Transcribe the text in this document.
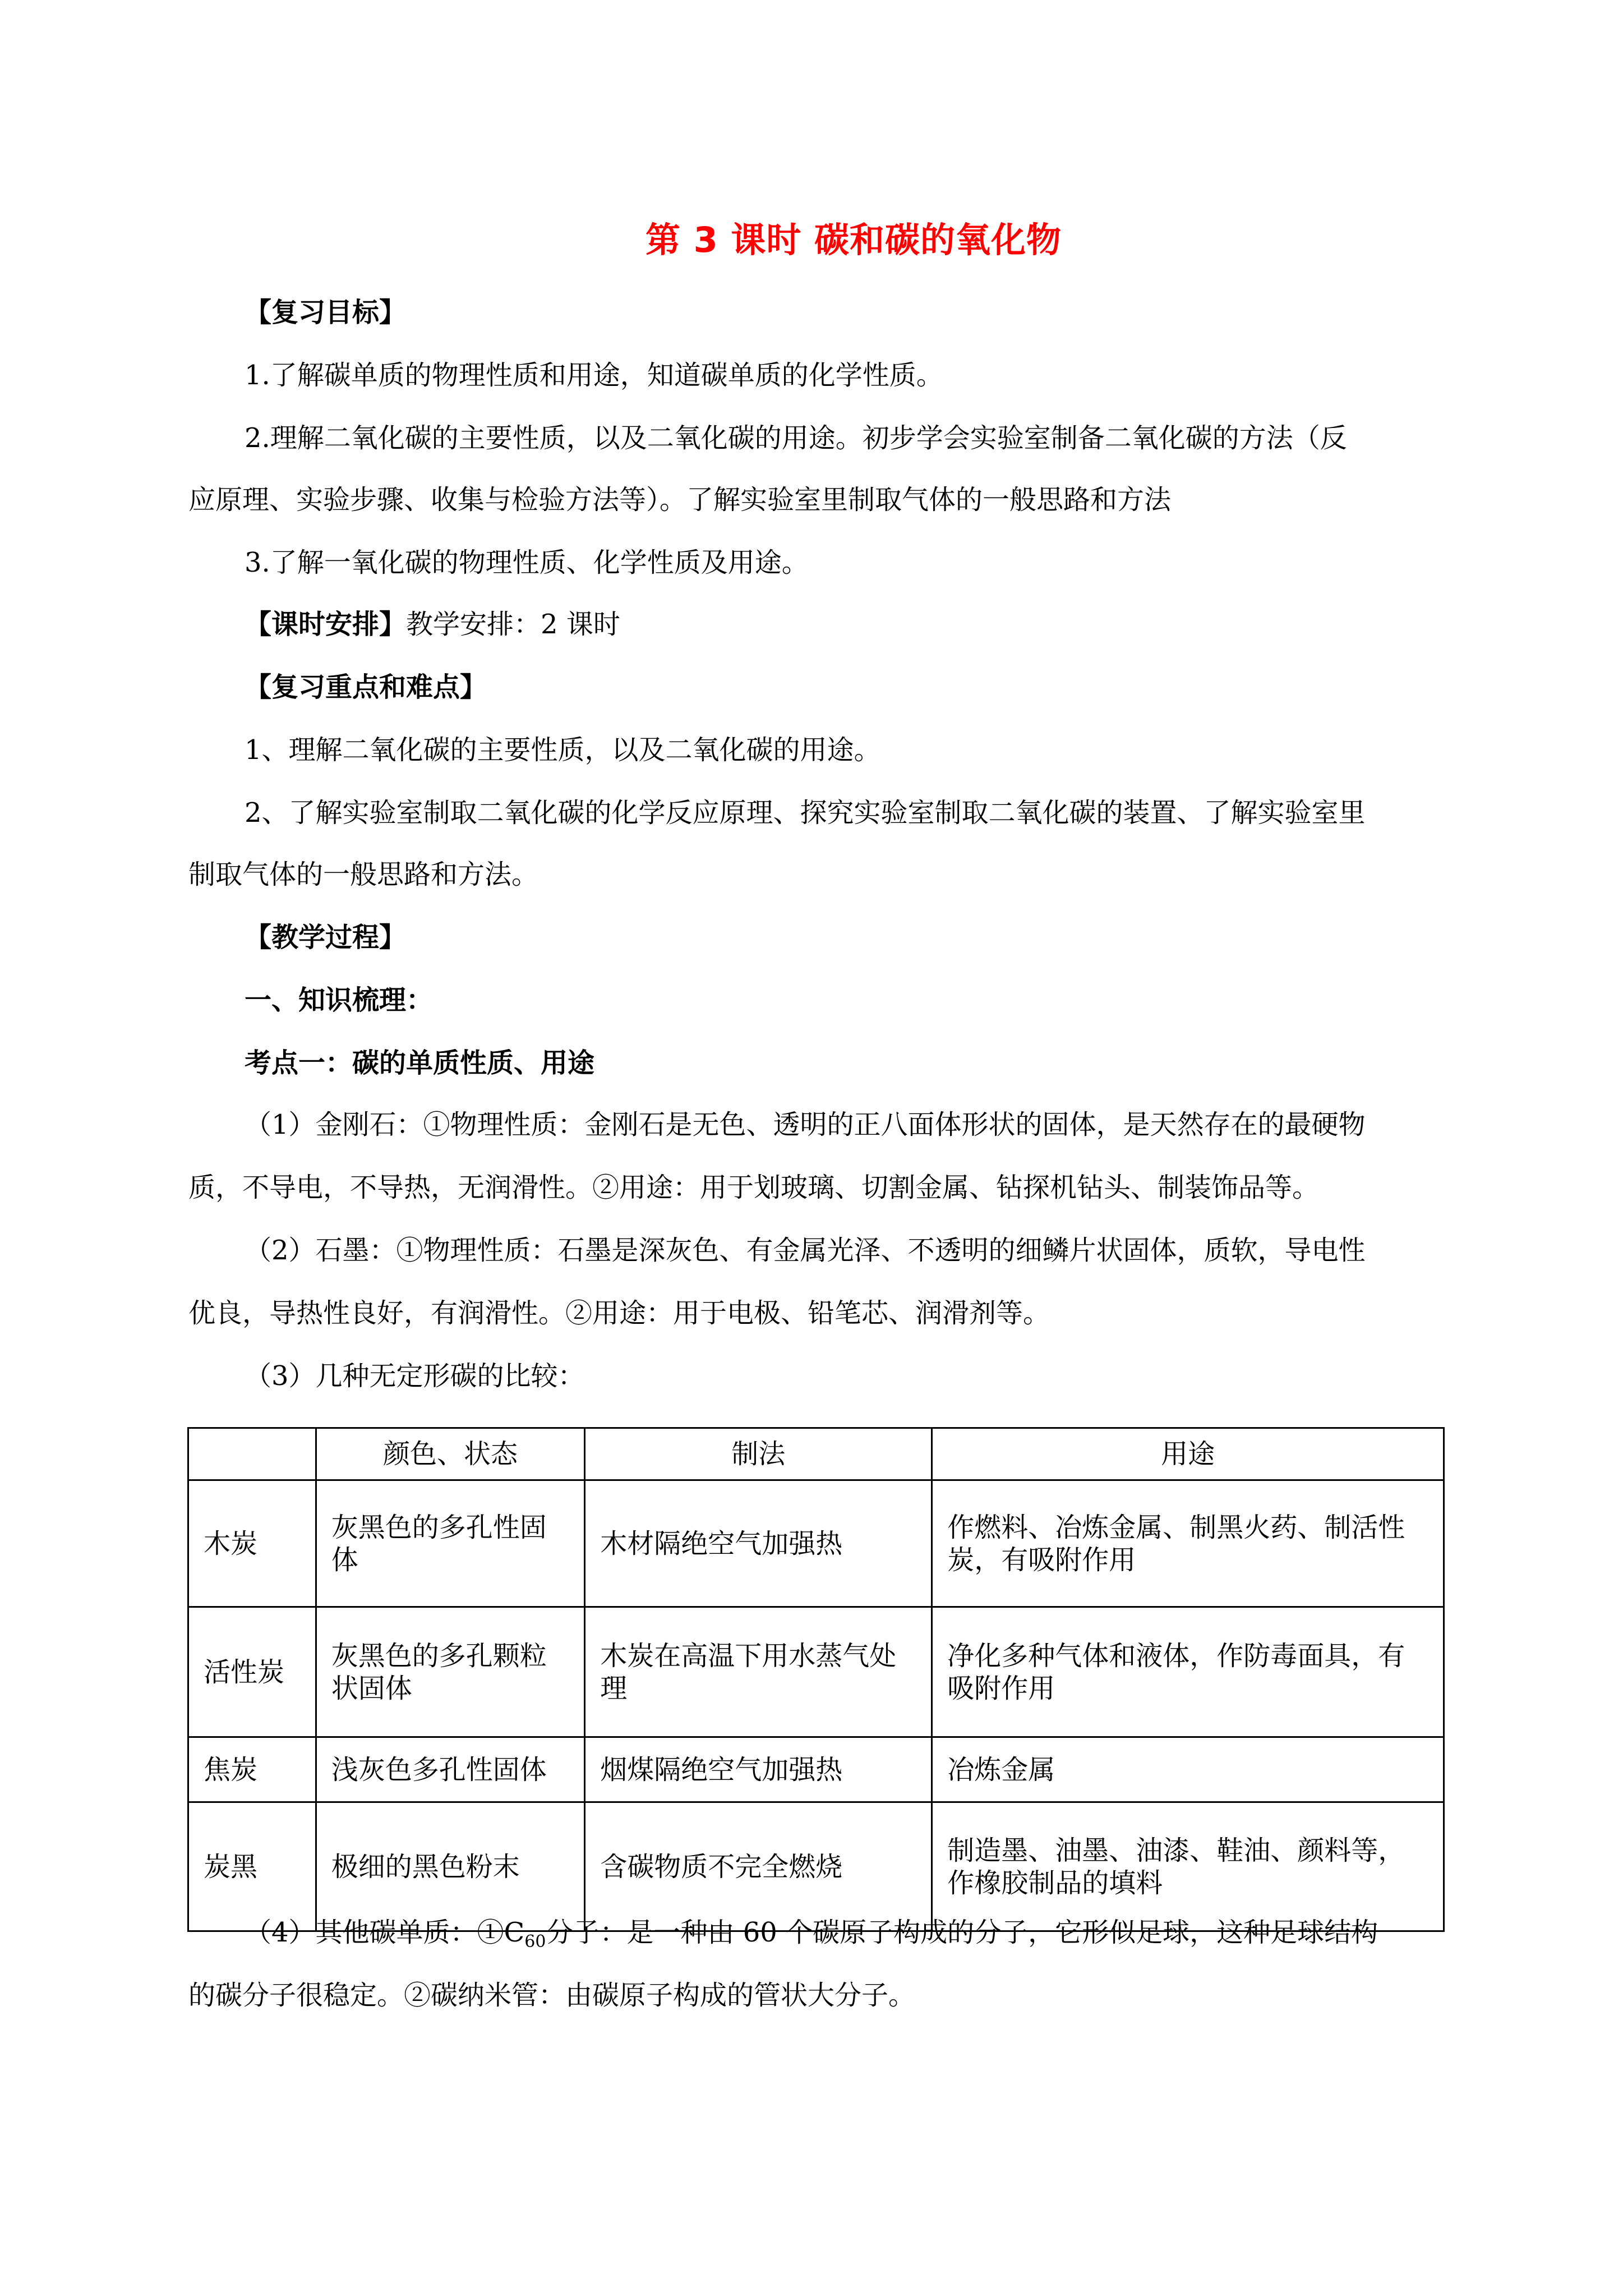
第 3 课时 碳和碳的氧化物
【复习目标】
1.了解碳单质的物理性质和用途，知道碳单质的化学性质。
2.理解二氧化碳的主要性质，以及二氧化碳的用途。初步学会实验室制备二氧化碳的方法（反
应原理、实验步骤、收集与检验方法等）。了解实验室里制取气体的一般思路和方法
3.了解一氧化碳的物理性质、化学性质及用途。
【课时安排】教学安排：2 课时
【复习重点和难点】
1、理解二氧化碳的主要性质，以及二氧化碳的用途。
2、了解实验室制取二氧化碳的化学反应原理、探究实验室制取二氧化碳的装置、了解实验室里
制取气体的一般思路和方法。
【教学过程】
一、知识梳理：
考点一：碳的单质性质、用途
（1）金刚石：①物理性质：金刚石是无色、透明的正八面体形状的固体，是天然存在的最硬物
质，不导电，不导热，无润滑性。②用途：用于划玻璃、切割金属、钻探机钻头、制装饰品等。
（2）石墨：①物理性质：石墨是深灰色、有金属光泽、不透明的细鳞片状固体，质软，导电性
优良，导热性良好，有润滑性。②用途：用于电极、铅笔芯、润滑剂等。
（3）几种无定形碳的比较：
	颜色、状态	制法	用途
木炭	灰黑色的多孔性固体	木材隔绝空气加强热	作燃料、冶炼金属、制黑火药、制活性炭，有吸附作用
活性炭	灰黑色的多孔颗粒状固体	木炭在高温下用水蒸气处理	净化多种气体和液体，作防毒面具，有吸附作用
焦炭	浅灰色多孔性固体	烟煤隔绝空气加强热	冶炼金属
炭黑	极细的黑色粉末	含碳物质不完全燃烧	制造墨、油墨、油漆、鞋油、颜料等，作橡胶制品的填料
（4）其他碳单质：$①C_{60}$分子：是一种由 60 个碳原子构成的分子，它形似足球，这种足球结构
的碳分子很稳定。②碳纳米管：由碳原子构成的管状大分子。
